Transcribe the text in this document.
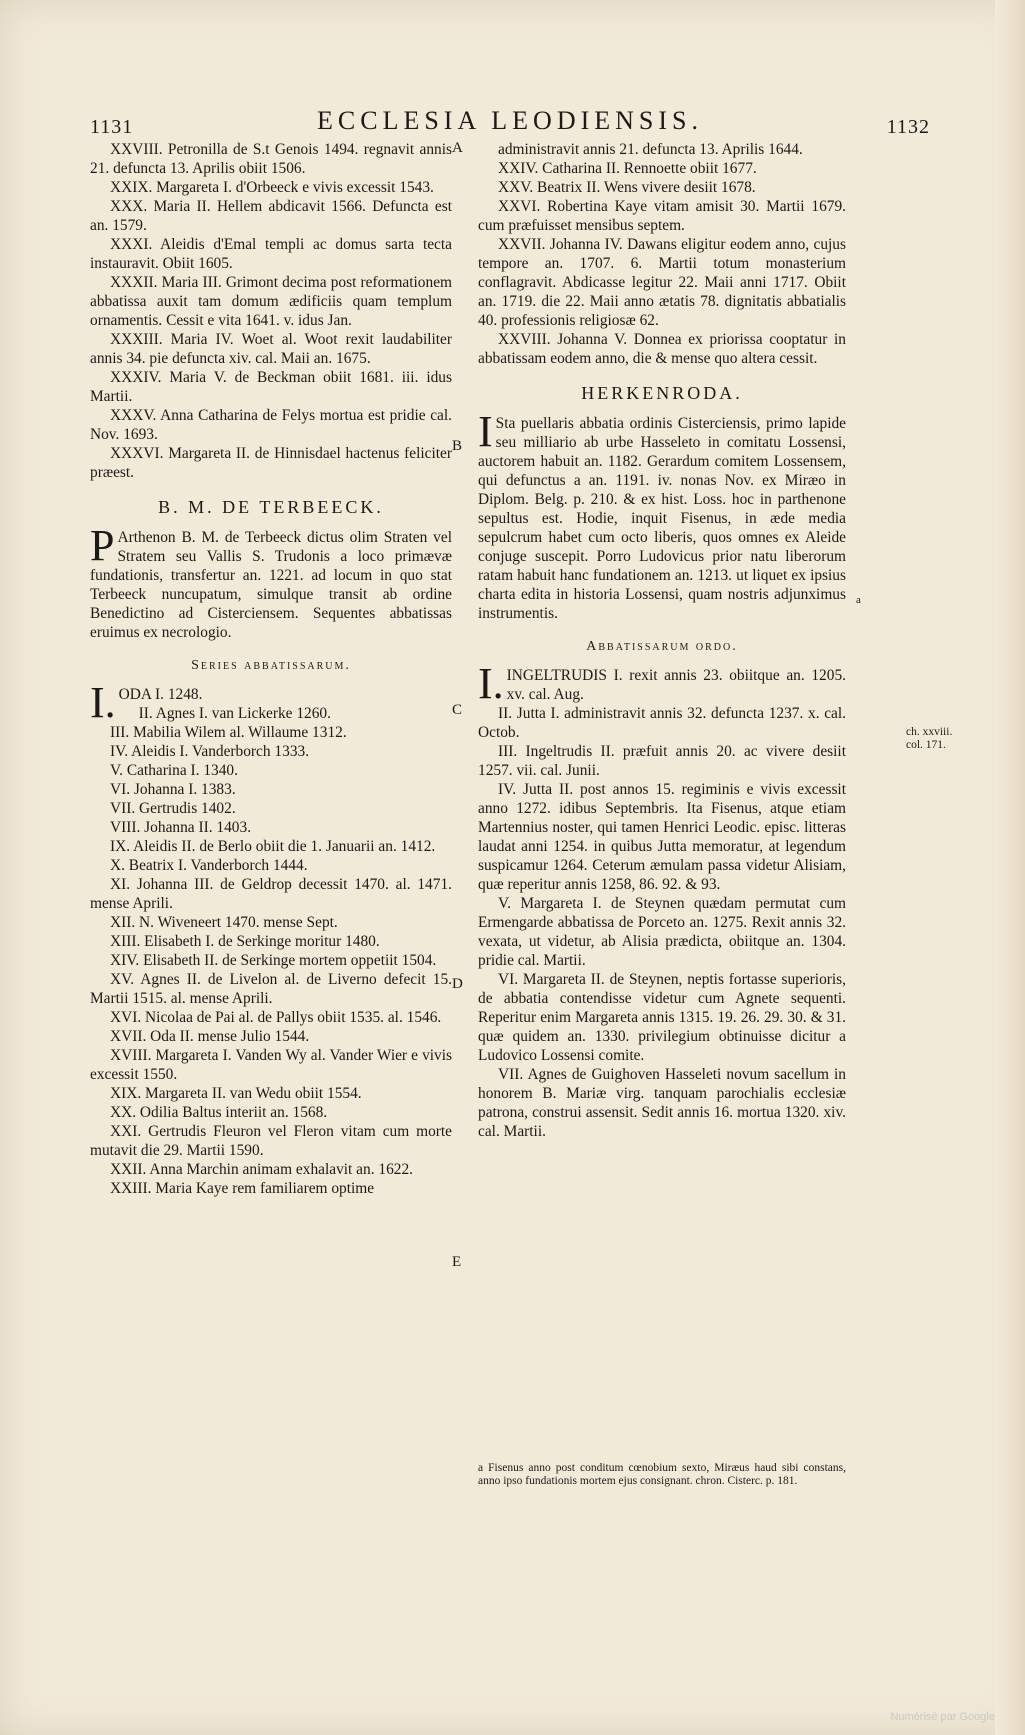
1131	ECCLESIA LEODIENSIS.	1132

XXVIII. Petronilla de S.t Genois 1494. regnavit annis 21. defuncta 13. Aprilis obiit 1506.

XXIX. Margareta I. d'Orbeeck e vivis excessit 1543.

XXX. Maria II. Hellem abdicavit 1566. Defuncta est an. 1579.

XXXI. Aleidis d'Emal templi ac domus sarta tecta instauravit. Obiit 1605.

XXXII. Maria III. Grimont decima post reformationem abbatissa auxit tam domum ædificiis quam templum ornamentis. Cessit e vita 1641. v. idus Jan.

XXXIII. Maria IV. Woet al. Woot rexit laudabiliter annis 34. pie defuncta xiv. cal. Maii an. 1675.

XXXIV. Maria V. de Beckman obiit 1681. iii. idus Martii.

XXXV. Anna Catharina de Felys mortua est pridie cal. Nov. 1693.

XXXVI. Margareta II. de Hinnisdael hactenus feliciter præest.

B. M. DE TERBEECK.

PArthenon B. M. de Terbeeck dictus olim Straten vel Stratem seu Vallis S. Trudonis a loco primævæ fundationis, transfertur an. 1221. ad locum in quo stat Terbeeck nuncupatum, simulque transit ab ordine Benedictino ad Cisterciensem. Sequentes abbatissas eruimus ex necrologio.

Series abbatissarum.

I.ODA I. 1248.

II. Agnes I. van Lickerke 1260.

III. Mabilia Wilem al. Willaume 1312.

IV. Aleidis I. Vanderborch 1333.

V. Catharina I. 1340.

VI. Johanna I. 1383.

VII. Gertrudis 1402.

VIII. Johanna II. 1403.

IX. Aleidis II. de Berlo obiit die 1. Januarii an. 1412.

X. Beatrix I. Vanderborch 1444.

XI. Johanna III. de Geldrop decessit 1470. al. 1471. mense Aprili.

XII. N. Wiveneert 1470. mense Sept.

XIII. Elisabeth I. de Serkinge moritur 1480.

XIV. Elisabeth II. de Serkinge mortem oppetiit 1504.

XV. Agnes II. de Livelon al. de Liverno defecit 15. Martii 1515. al. mense Aprili.

XVI. Nicolaa de Pai al. de Pallys obiit 1535. al. 1546.

XVII. Oda II. mense Julio 1544.

XVIII. Margareta I. Vanden Wy al. Vander Wier e vivis excessit 1550.

XIX. Margareta II. van Wedu obiit 1554.

XX. Odilia Baltus interiit an. 1568.

XXI. Gertrudis Fleuron vel Fleron vitam cum morte mutavit die 29. Martii 1590.

XXII. Anna Marchin animam exhalavit an. 1622.

XXIII. Maria Kaye rem familiarem optime

administravit annis 21. defuncta 13. Aprilis 1644.

XXIV. Catharina II. Rennoette obiit 1677.

XXV. Beatrix II. Wens vivere desiit 1678.

XXVI. Robertina Kaye vitam amisit 30. Martii 1679. cum præfuisset mensibus septem.

XXVII. Johanna IV. Dawans eligitur eodem anno, cujus tempore an. 1707. 6. Martii totum monasterium conflagravit. Abdicasse legitur 22. Maii anni 1717. Obiit an. 1719. die 22. Maii anno ætatis 78. dignitatis abbatialis 40. professionis religiosæ 62.

XXVIII. Johanna V. Donnea ex priorissa cooptatur in abbatissam eodem anno, die & mense quo altera cessit.

HERKENRODA.

ISta puellaris abbatia ordinis Cisterciensis, primo lapide seu milliario ab urbe Hasseleto in comitatu Lossensi, auctorem habuit an. 1182. Gerardum comitem Lossensem, qui defunctus a an. 1191. iv. nonas Nov. ex Miræo in Diplom. Belg. p. 210. & ex hist. Loss. hoc in parthenone sepultus est. Hodie, inquit Fisenus, in æde media sepulcrum habet cum octo liberis, quos omnes ex Aleide conjuge suscepit. Porro Ludovicus prior natu liberorum ratam habuit hanc fundationem an. 1213. ut liquet ex ipsius charta edita in historia Lossensi, quam nostris adjunximus instrumentis.

Abbatissarum ordo.

I.INGELTRUDIS I. rexit annis 23. obiitque an. 1205. xv. cal. Aug.

II. Jutta I. administravit annis 32. defuncta 1237. x. cal. Octob.

III. Ingeltrudis II. præfuit annis 20. ac vivere desiit 1257. vii. cal. Junii.

IV. Jutta II. post annos 15. regiminis e vivis excessit anno 1272. idibus Septembris. Ita Fisenus, atque etiam Martennius noster, qui tamen Henrici Leodic. episc. litteras laudat anni 1254. in quibus Jutta memoratur, at legendum suspicamur 1264. Ceterum æmulam passa videtur Alisiam, quæ reperitur annis 1258, 86. 92. & 93.

V. Margareta I. de Steynen quædam permutat cum Ermengarde abbatissa de Porceto an. 1275. Rexit annis 32. vexata, ut videtur, ab Alisia prædicta, obiitque an. 1304. pridie cal. Martii.

VI. Margareta II. de Steynen, neptis fortasse superioris, de abbatia contendisse videtur cum Agnete sequenti. Reperitur enim Margareta annis 1315. 19. 26. 29. 30. & 31. quæ quidem an. 1330. privilegium obtinuisse dicitur a Ludovico Lossensi comite.

VII. Agnes de Guighoven Hasseleti novum sacellum in honorem B. Mariæ virg. tanquam parochialis ecclesiæ patrona, construi assensit. Sedit annis 16. mortua 1320. xiv. cal. Martii.

A
B
C
D
E
a
ch. xxviii. col. 171.
a Fisenus anno post conditum cœnobium sexto, Miræus haud sibi constans, anno ipso fundationis mortem ejus consignant. chron. Cisterc. p. 181.
Numérisé par Google
